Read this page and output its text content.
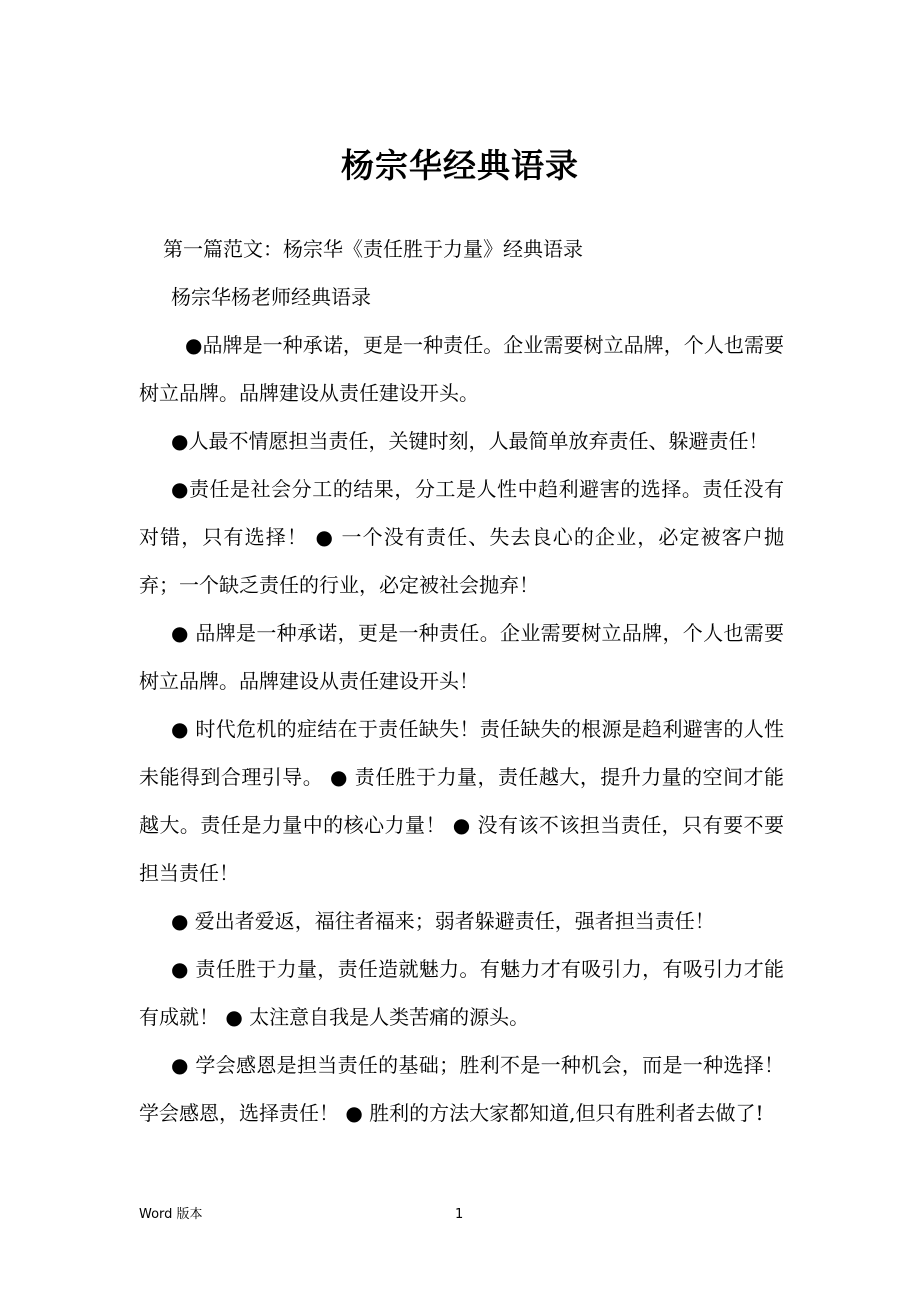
杨宗华经典语录

第一篇范文：杨宗华《责任胜于力量》经典语录

杨宗华杨老师经典语录

●品牌是一种承诺，更是一种责任。企业需要树立品牌，个人也需要树立品牌。品牌建设从责任建设开头。

●人最不情愿担当责任，关键时刻，人最简单放弃责任、躲避责任！

●责任是社会分工的结果，分工是人性中趋利避害的选择。责任没有对错，只有选择！ ● 一个没有责任、失去良心的企业，必定被客户抛弃；一个缺乏责任的行业，必定被社会抛弃！

● 品牌是一种承诺，更是一种责任。企业需要树立品牌，个人也需要树立品牌。品牌建设从责任建设开头！

● 时代危机的症结在于责任缺失！责任缺失的根源是趋利避害的人性未能得到合理引导。 ● 责任胜于力量，责任越大，提升力量的空间才能越大。责任是力量中的核心力量！ ● 没有该不该担当责任，只有要不要担当责任！

● 爱出者爱返，福往者福来；弱者躲避责任，强者担当责任！

● 责任胜于力量，责任造就魅力。有魅力才有吸引力，有吸引力才能有成就！ ● 太注意自我是人类苦痛的源头。

● 学会感恩是担当责任的基础；胜利不是一种机会，而是一种选择！学会感恩，选择责任！ ● 胜利的方法大家都知道,但只有胜利者去做了!

Word 版本	1
